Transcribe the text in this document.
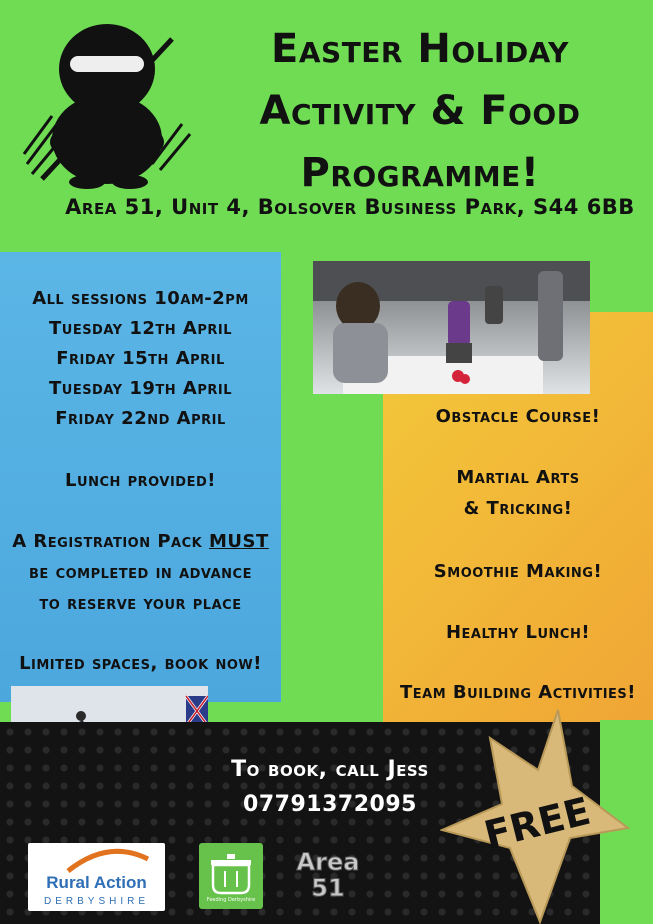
Easter Holiday
Activity & Food
Programme!
Area 51, Unit 4, Bolsover Business Park, S44 6BB
All sessions 10am-2pm
Tuesday 12th April
Friday 15th April
Tuesday 19th April
Friday 22nd April
Lunch provided!
A Registration Pack MUST
be completed in advance
to reserve your place
Limited spaces, book now!
Obstacle Course!
Martial Arts
& Tricking!
Smoothie Making!
Healthy Lunch!
Team Building Activities!
To book, call Jess
07791372095	FREE
Rural Action
DERBYSHIRE	Feeding Derbyshire
Area
51
